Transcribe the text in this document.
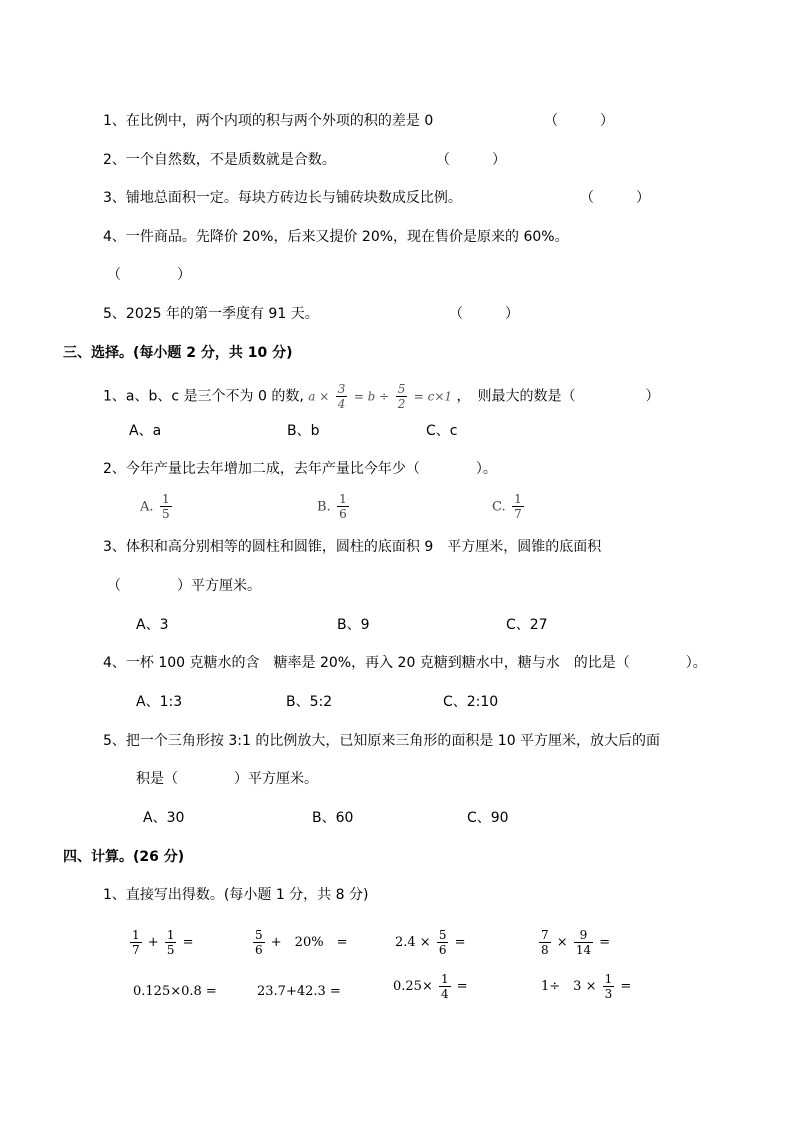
1、在比例中，两个内项的积与两个外项的积的差是 0	（　　　）
2、一个自然数，不是质数就是合数。	（　　　）
3、铺地总面积一定。每块方砖边长与铺砖块数成反比例。	（　　　）
4、一件商品。先降价 20%，后来又提价 20%，现在售价是原来的 60%。
（　　　　）
5、2025 年的第一季度有 91 天。	（　　　）
三、选择。(每小题 2 分，共 10 分)
1、a、b、c 是三个不为 0 的数, $a \times \frac{3}{4} = b \div \frac{5}{2} = c\times 1$ ，　则最大的数是（　　　　　）
A、a	B、b	C、c
2、今年产量比去年增加二成，去年产量比今年少（　　　　）。
A. $\frac{1}{5}$	B. $\frac{1}{6}$	C. $\frac{1}{7}$
3、体积和高分别相等的圆柱和圆锥，圆柱的底面积 9　平方厘米，圆锥的底面积
（　　　　）平方厘米。
A、3	B、9	C、27
4、一杯 100 克糖水的含　糖率是 20%，再入 20 克糖到糖水中，糖与水　的比是（　　　　）。
A、1:3	B、5:2	C、2:10
5、把一个三角形按 3:1 的比例放大，已知原来三角形的面积是 10 平方厘米，放大后的面
积是（　　　　）平方厘米。
A、30	B、60	C、90
四、计算。(26 分)
1、直接写出得数。(每小题 1 分，共 8 分)
$\frac{1}{7} + \frac{1}{5}$ =	$\frac{5}{6}$ +　20%　=	$2.4 \times \frac{5}{6}$ =	$\frac{7}{8} \times \frac{9}{14}$ =
0.125×0.8 =	23.7+42.3 =	$0.25\times \frac{1}{4}$ =	1÷　$3 \times \frac{1}{3}$ =
